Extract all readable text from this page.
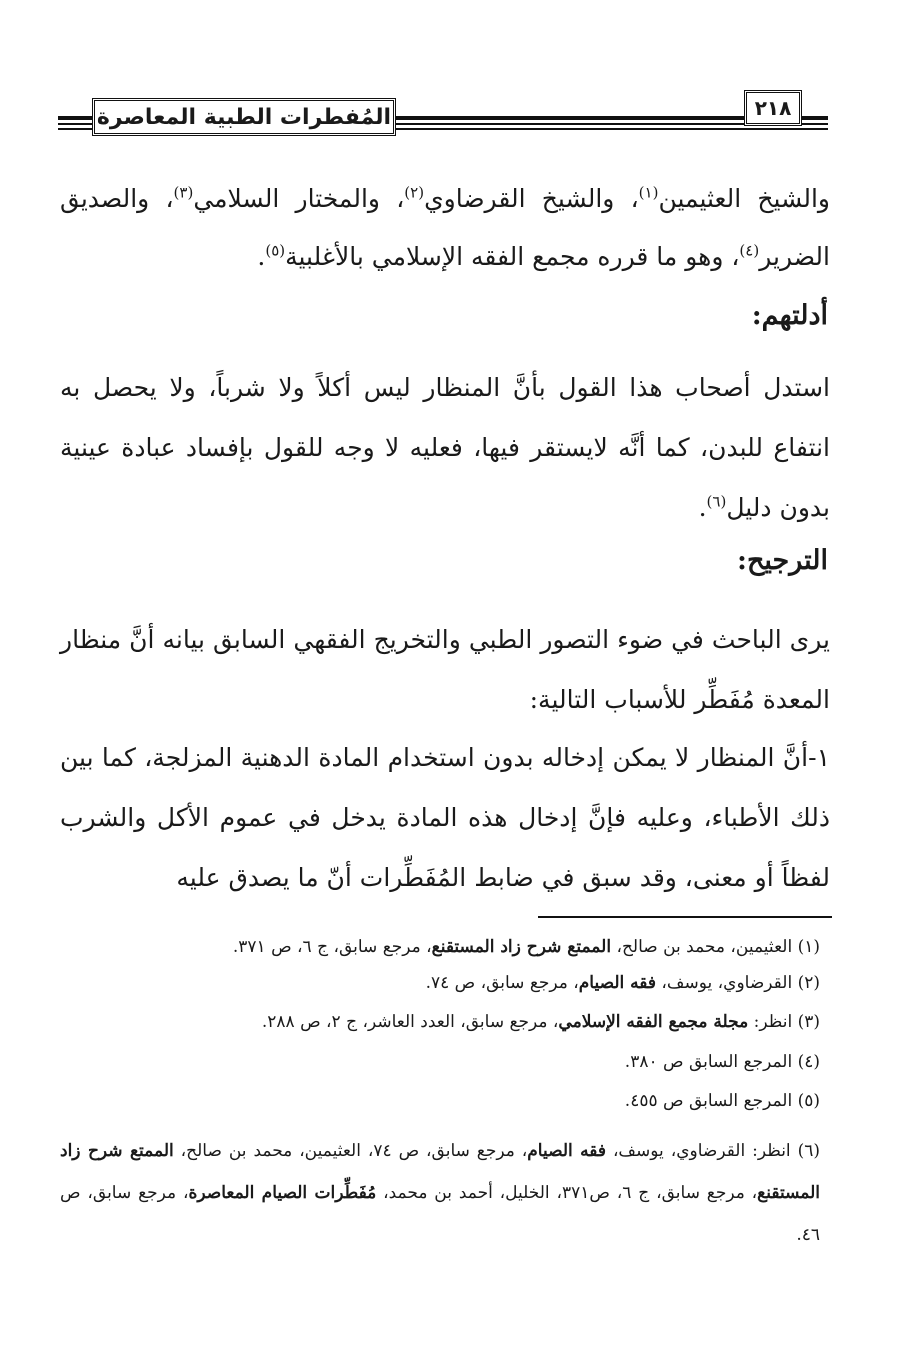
المُفطرات الطبية المعاصرة	٢١٨

والشيخ العثيمين$^{(١)}$، والشيخ القرضاوي$^{(٢)}$، والمختار السلامي$^{(٣)}$، والصديق الضرير$^{(٤)}$، وهو ما قرره مجمع الفقه الإسلامي بالأغلبية$^{(٥)}$.

أدلتهم:

استدل أصحاب هذا القول بأنَّ المنظار ليس أكلاً ولا شرباً، ولا يحصل به انتفاع للبدن، كما أنَّه لايستقر فيها، فعليه لا وجه للقول بإفساد عبادة عينية بدون دليل$^{(٦)}$.

الترجيح:

يرى الباحث في ضوء التصور الطبي والتخريج الفقهي السابق بيانه أنَّ منظار المعدة مُفَطِّر للأسباب التالية:

١-أنَّ المنظار لا يمكن إدخاله بدون استخدام المادة الدهنية المزلجة، كما بين ذلك الأطباء، وعليه فإنَّ إدخال هذه المادة يدخل في عموم الأكل والشرب لفظاً أو معنى، وقد سبق في ضابط المُفَطِّرات أنّ ما يصدق عليه

(١) العثيمين، محمد بن صالح، الممتع شرح زاد المستقنع، مرجع سابق، ج ٦، ص ٣٧١.

(٢) القرضاوي، يوسف، فقه الصيام، مرجع سابق، ص ٧٤.

(٣) انظر: مجلة مجمع الفقه الإسلامي، مرجع سابق، العدد العاشر، ج ٢، ص ٢٨٨.

(٤) المرجع السابق ص ٣٨٠.

(٥) المرجع السابق ص ٤٥٥.

(٦) انظر: القرضاوي، يوسف، فقه الصيام، مرجع سابق، ص ٧٤، العثيمين، محمد بن صالح، الممتع شرح زاد المستقنع، مرجع سابق، ج ٦، ص٣٧١، الخليل، أحمد بن محمد، مُفَطِّرات الصيام المعاصرة، مرجع سابق، ص ٤٦.
